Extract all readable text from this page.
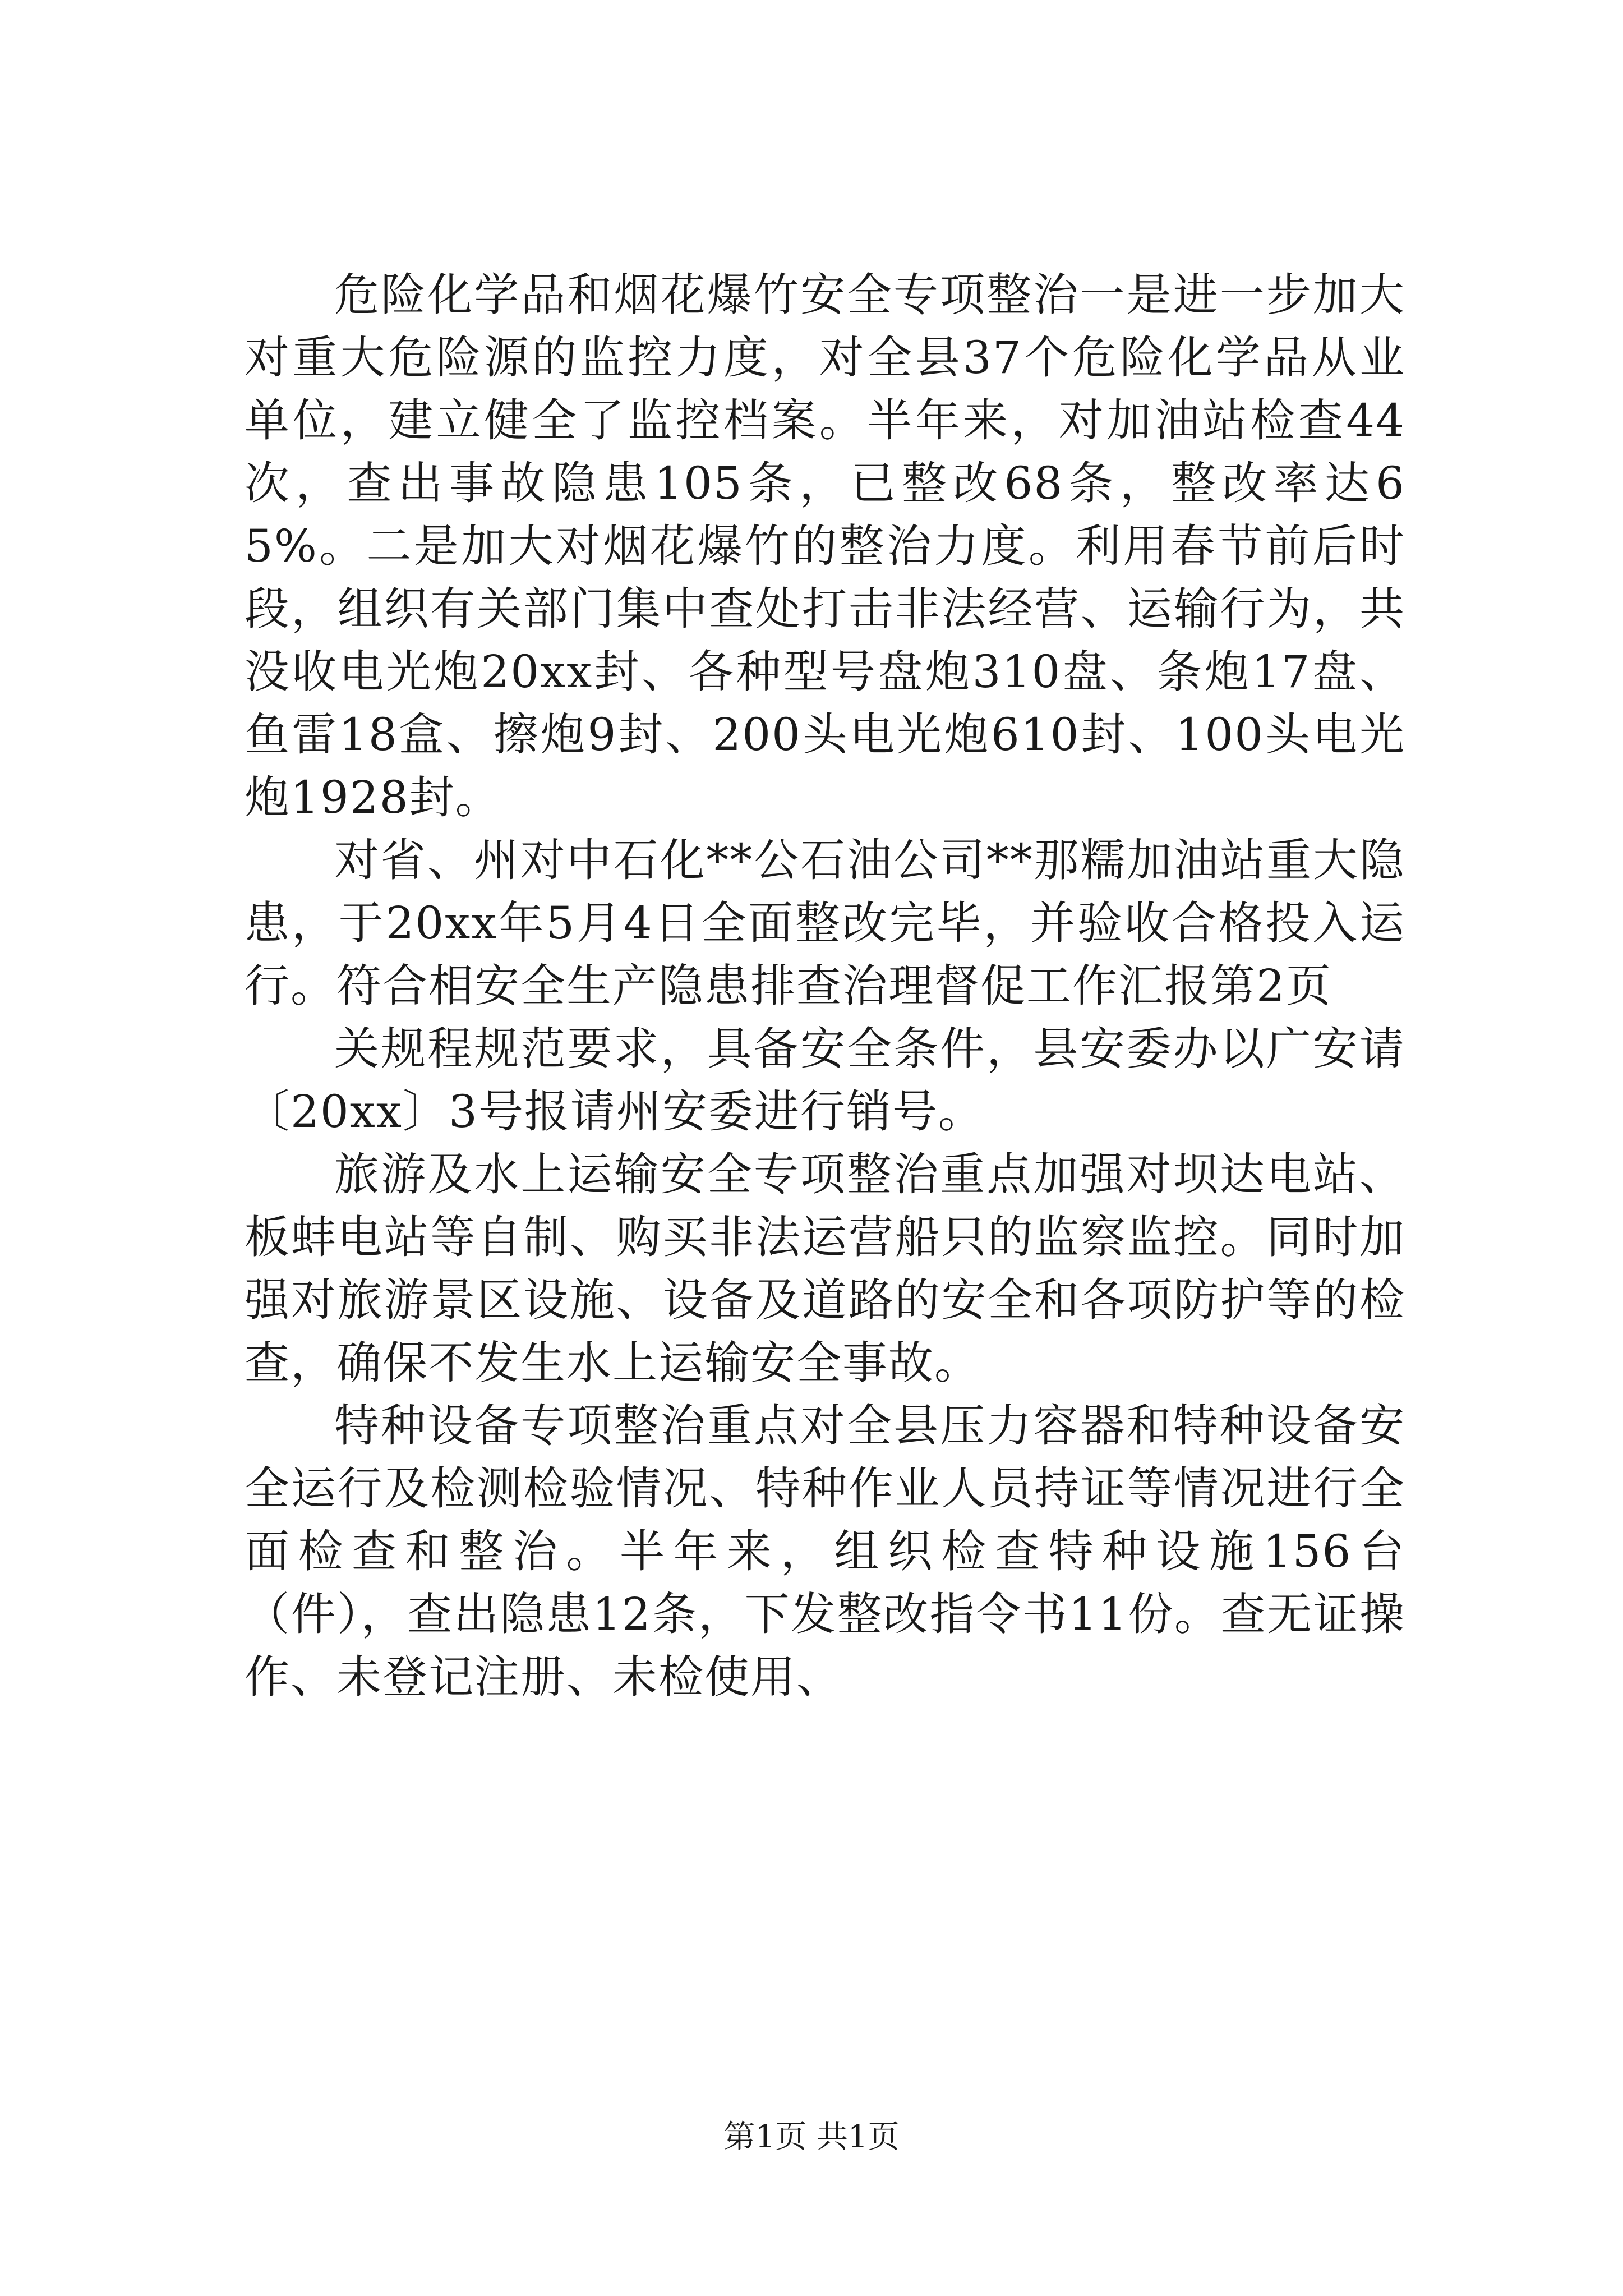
危险化学品和烟花爆竹安全专项整治一是进一步加大对重大危险源的监控力度，对全县37个危险化学品从业单位，建立健全了监控档案。半年来，对加油站检查44次，查出事故隐患105条，已整改68条，整改率达65%。二是加大对烟花爆竹的整治力度。利用春节前后时段，组织有关部门集中查处打击非法经营、运输行为，共没收电光炮20xx封、各种型号盘炮310盘、条炮17盘、鱼雷18盒、擦炮9封、200头电光炮610封、100头电光炮1928封。

对省、州对中石化**公石油公司**那糯加油站重大隐患，于20xx年5月4日全面整改完毕，并验收合格投入运行。符合相安全生产隐患排查治理督促工作汇报第2页

关规程规范要求，具备安全条件，县安委办以广安请〔20xx〕3号报请州安委进行销号。

旅游及水上运输安全专项整治重点加强对坝达电站、板蚌电站等自制、购买非法运营船只的监察监控。同时加强对旅游景区设施、设备及道路的安全和各项防护等的检查，确保不发生水上运输安全事故。

特种设备专项整治重点对全县压力容器和特种设备安全运行及检测检验情况、特种作业人员持证等情况进行全面检查和整治。半年来，组织检查特种设施156台（件），查出隐患12条，下发整改指令书11份。查无证操作、未登记注册、未检使用、

第1页 共1页
